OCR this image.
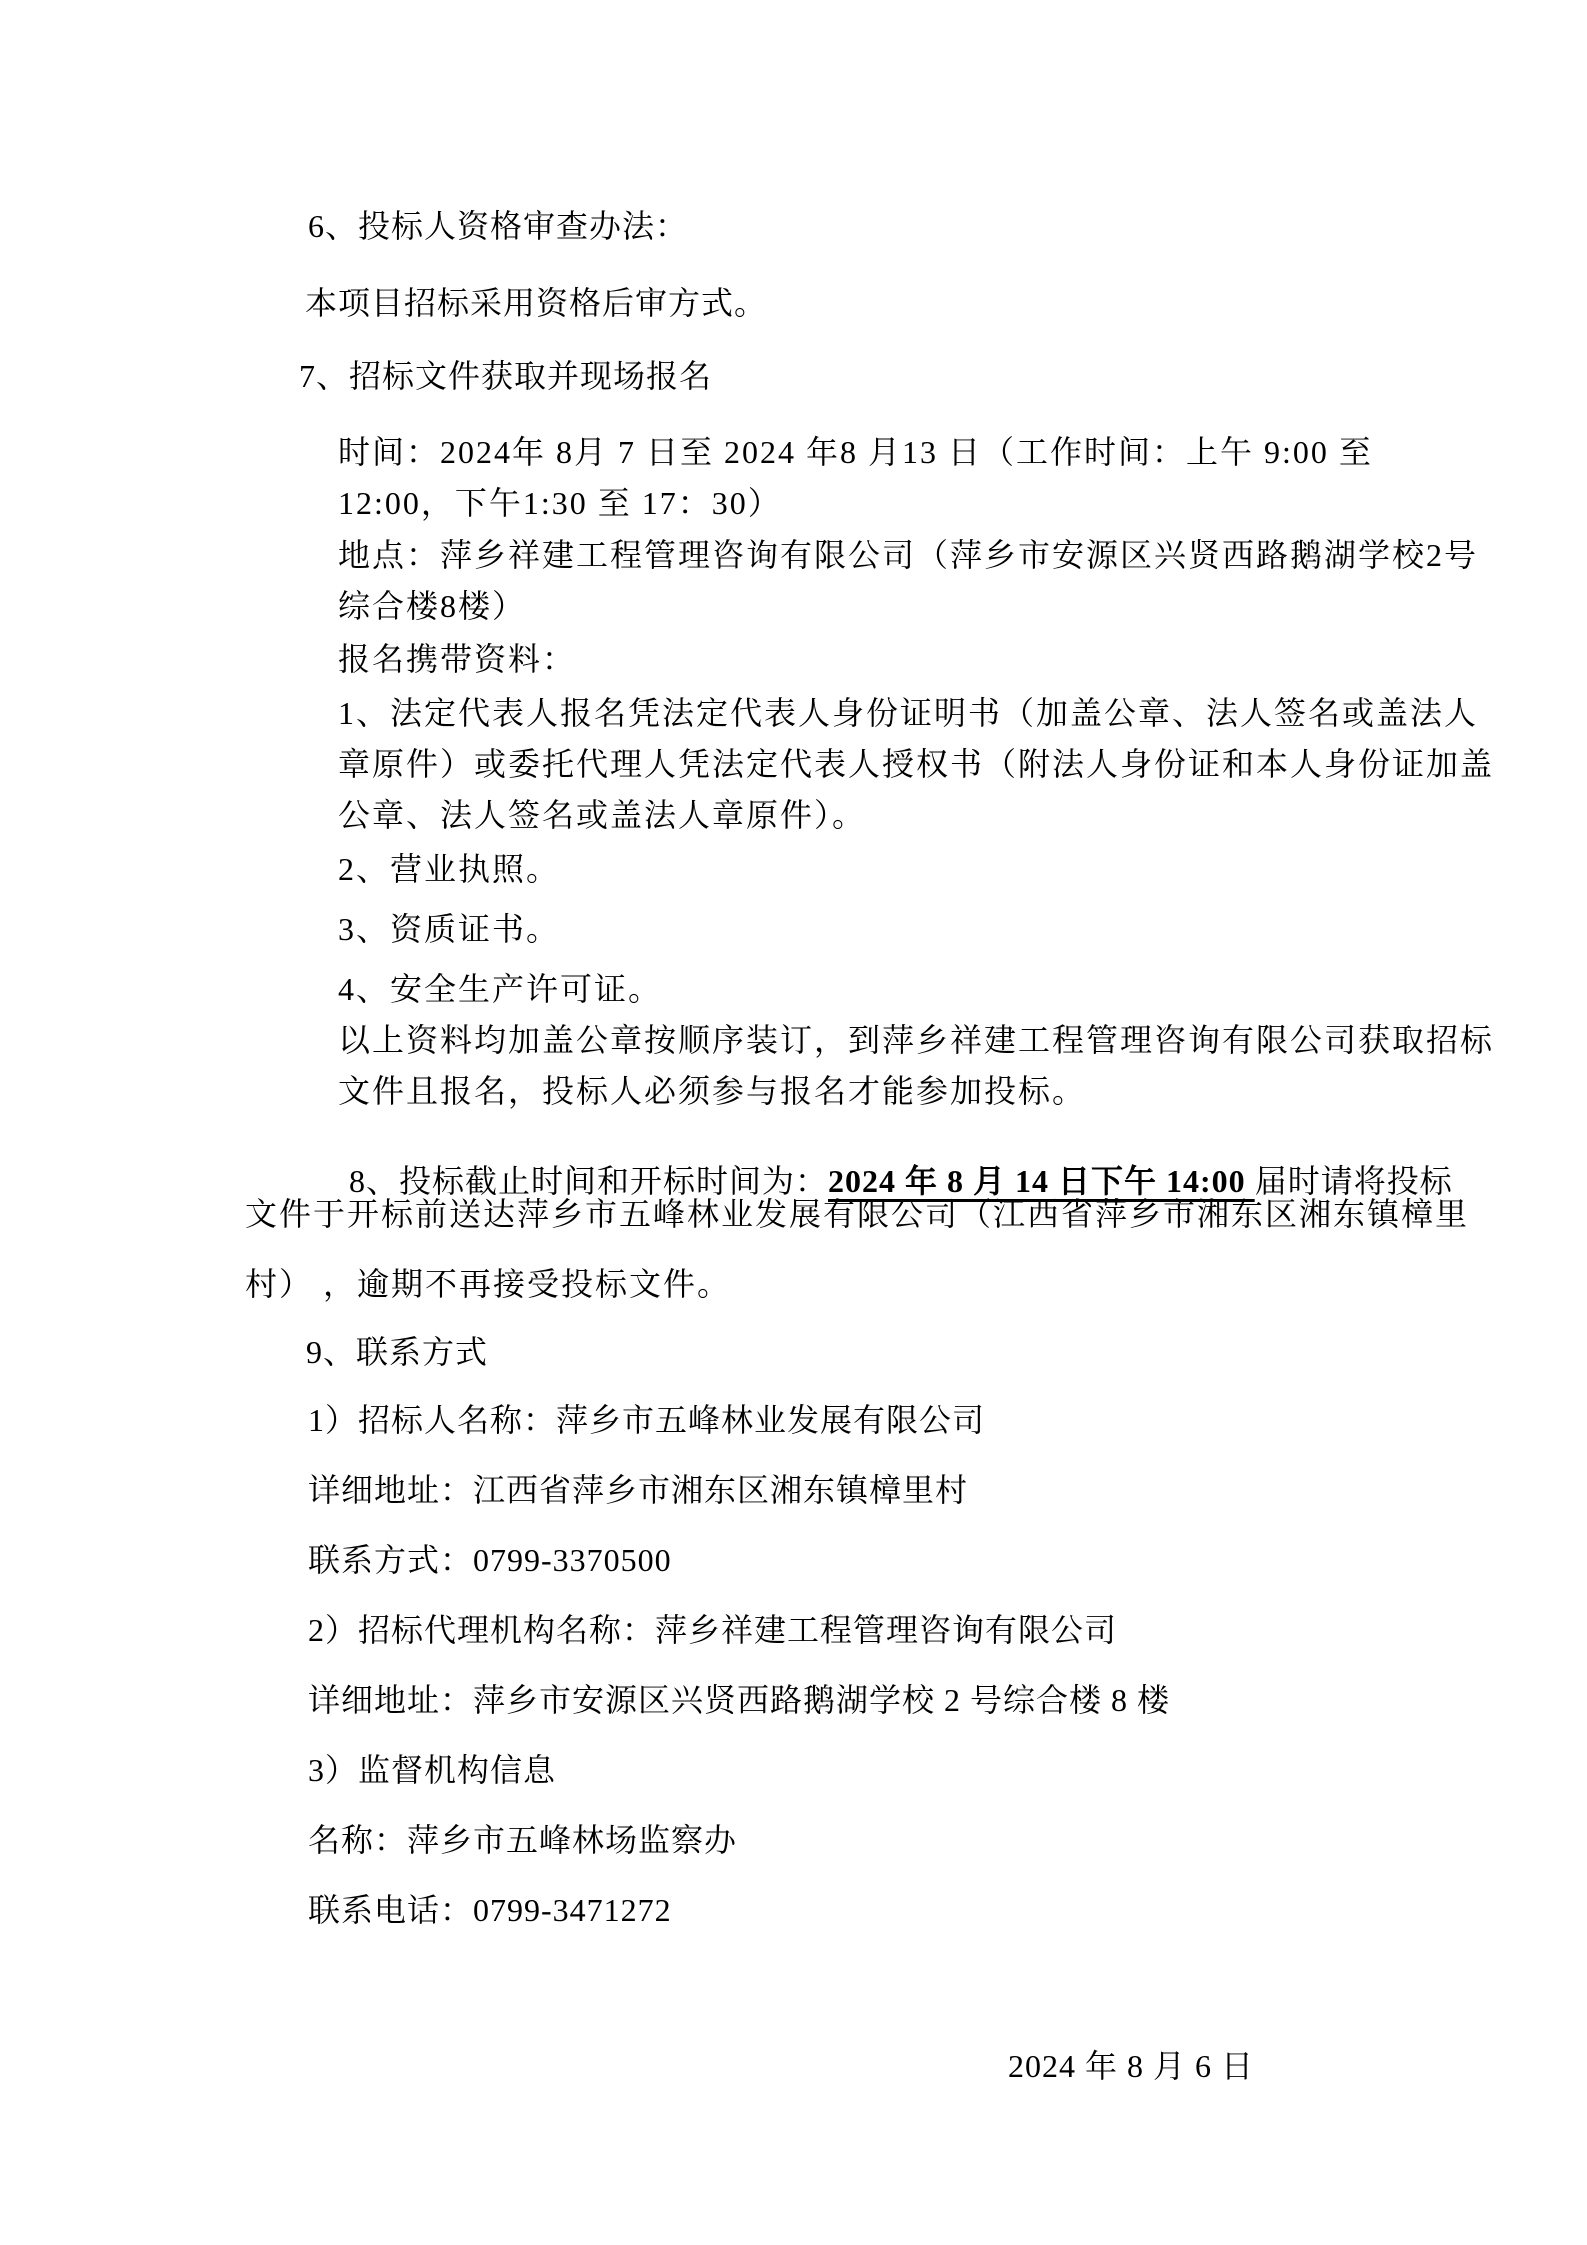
6、投标人资格审查办法：
本项目招标采用资格后审方式。
7、招标文件获取并现场报名
时间：2024年 8月 7 日至 2024 年8 月13 日（工作时间：上午 9:00 至
12:00，下午1:30 至 17：30）
地点：萍乡祥建工程管理咨询有限公司（萍乡市安源区兴贤西路鹅湖学校2号
综合楼8楼）
报名携带资料：
1、法定代表人报名凭法定代表人身份证明书（加盖公章、法人签名或盖法人
章原件）或委托代理人凭法定代表人授权书（附法人身份证和本人身份证加盖
公章、法人签名或盖法人章原件）。
2、营业执照。
3、资质证书。
4、安全生产许可证。
以上资料均加盖公章按顺序装订，到萍乡祥建工程管理咨询有限公司获取招标
文件且报名，投标人必须参与报名才能参加投标。

8、投标截止时间和开标时间为：2024 年 8 月 14 日下午 14:00 届时请将投标

文件于开标前送达萍乡市五峰林业发展有限公司（江西省萍乡市湘东区湘东镇樟里
村） ，逾期不再接受投标文件。
9、联系方式
1）招标人名称：萍乡市五峰林业发展有限公司
详细地址：江西省萍乡市湘东区湘东镇樟里村
联系方式：0799-3370500
2）招标代理机构名称：萍乡祥建工程管理咨询有限公司
详细地址：萍乡市安源区兴贤西路鹅湖学校 2 号综合楼 8 楼
3）监督机构信息
名称：萍乡市五峰林场监察办
联系电话：0799-3471272
2024 年 8 月 6 日
